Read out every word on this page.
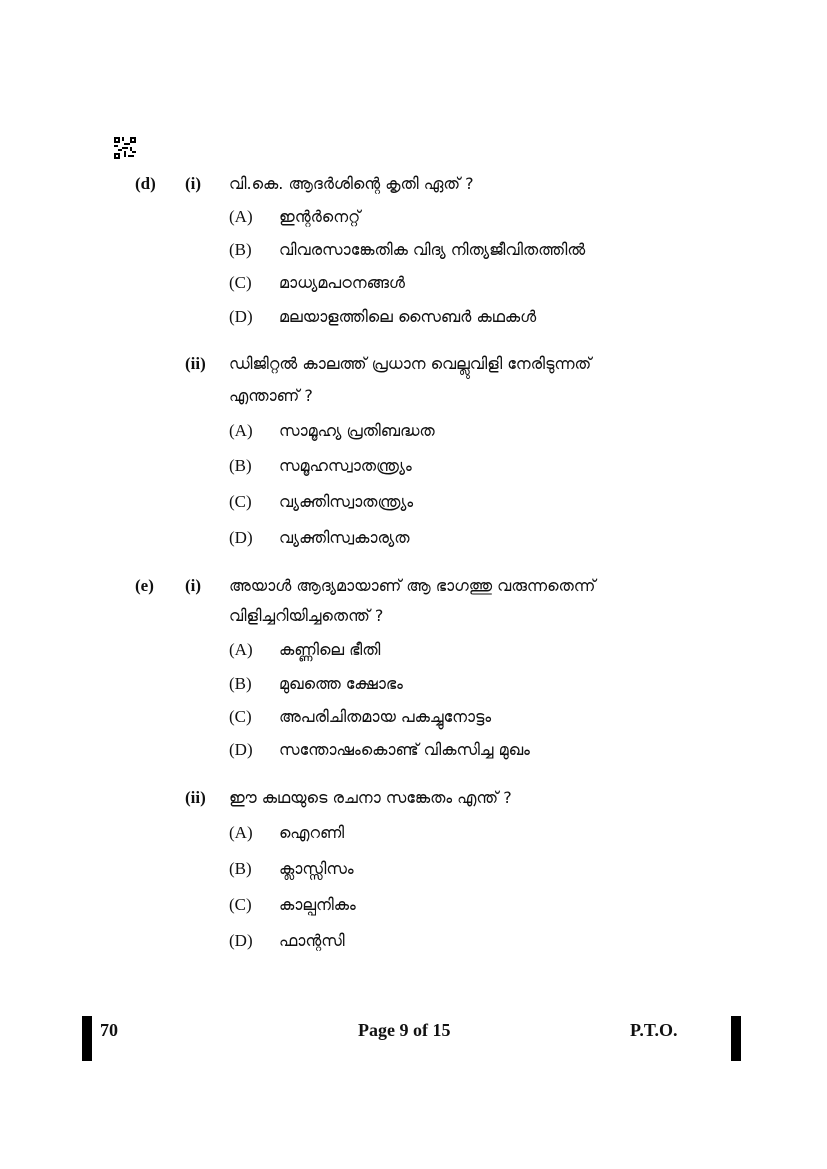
(d) (i) വി.കെ. ആദർശിന്റെ കൃതി ഏത് ?
(A) ഇന്റർനെറ്റ്
(B) വിവരസാങ്കേതിക വിദ്യ നിത്യജീവിതത്തിൽ
(C) മാധ്യമപഠനങ്ങൾ
(D) മലയാളത്തിലെ സൈബർ കഥകൾ
(ii) ഡിജിറ്റൽ കാലത്ത് പ്രധാന വെല്ലുവിളി നേരിടുന്നത്
എന്താണ് ?
(A) സാമൂഹ്യ പ്രതിബദ്ധത
(B) സമൂഹസ്വാതന്ത്ര്യം
(C) വ്യക്തിസ്വാതന്ത്ര്യം
(D) വ്യക്തിസ്വകാര്യത
(e) (i) അയാൾ ആദ്യമായാണ് ആ ഭാഗത്തു വരുന്നതെന്ന്
വിളിച്ചറിയിച്ചതെന്ത് ?
(A) കണ്ണിലെ ഭീതി
(B) മുഖത്തെ ക്ഷോഭം
(C) അപരിചിതമായ പകച്ചുനോട്ടം
(D) സന്തോഷംകൊണ്ട് വികസിച്ച മുഖം
(ii) ഈ കഥയുടെ രചനാ സങ്കേതം എന്ത് ?
(A) ഐറണി
(B) ക്ലാസ്സിസം
(C) കാല്പനികം
(D) ഫാന്റസി
70	Page 9 of 15	P.T.O.
